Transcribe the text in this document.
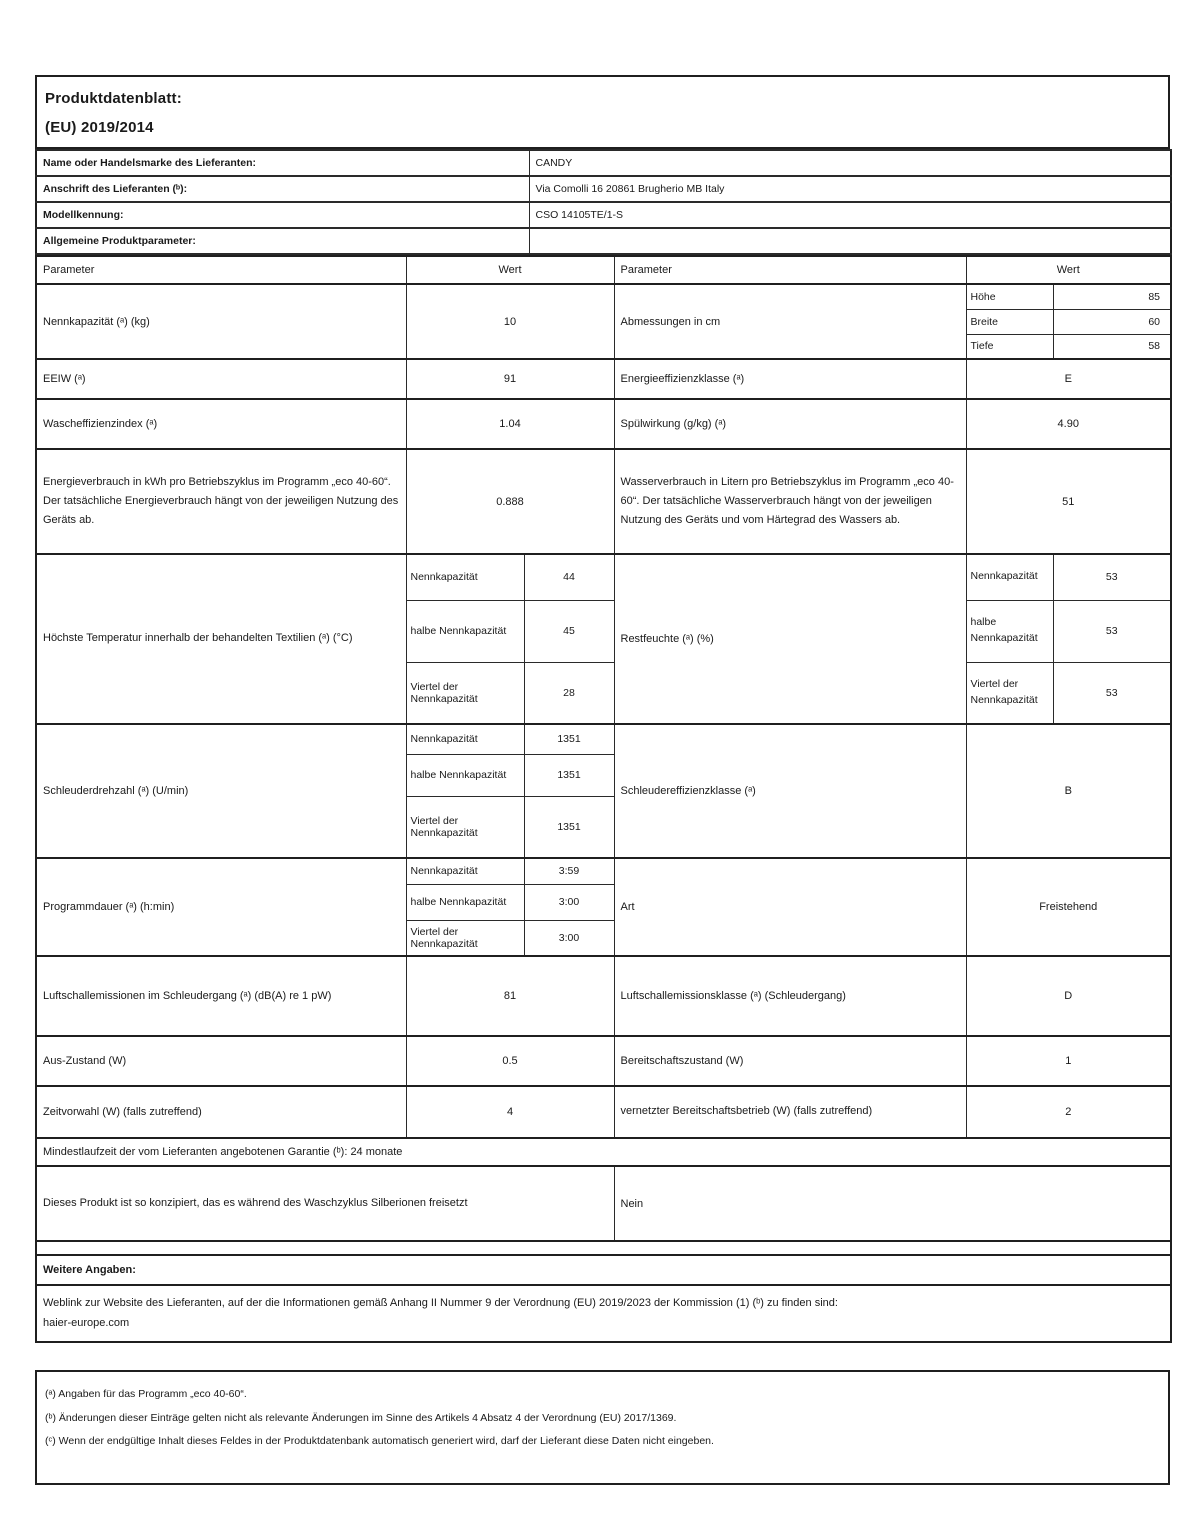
Produktdatenblatt:
(EU) 2019/2014
Name oder Handelsmarke des Lieferanten:	CANDY
Anschrift des Lieferanten (ᵇ):	Via Comolli 16 20861 Brugherio MB Italy
Modellkennung:	CSO 14105TE/1-S
Allgemeine Produktparameter:	
Parameter	Wert		Parameter	Wert	
Nennkapazität (ᵃ) (kg)	10		Abmessungen in cm	Höhe	85
				Breite	60
				Tiefe	58
EEIW (ᵃ)	91		Energieeffizienzklasse (ᵃ)	E	
Wascheffizienzindex (ᵃ)	1.04		Spülwirkung (g/kg) (ᵃ)	4.90	
Energieverbrauch in kWh pro Betriebszyklus im Programm „eco 40-60“. Der tatsächliche Energieverbrauch hängt von der jeweiligen Nutzung des Geräts ab.	0.888		Wasserverbrauch in Litern pro Betriebszyklus im Programm „eco 40-60“. Der tatsächliche Wasserverbrauch hängt von der jeweiligen Nutzung des Geräts und vom Härtegrad des Wassers ab.	51	
Höchste Temperatur innerhalb der behandelten Textilien (ᵃ) (°C)	Nennkapazität	44	Restfeuchte (ᵃ) (%)	Nennkapazität	53
	halbe Nennkapazität	45		halbe Nennkapazität	53
	Viertel der Nennkapazität	28		Viertel der Nennkapazität	53
Schleuderdrehzahl (ᵃ) (U/min)	Nennkapazität	1351	Schleudereffizienzklasse (ᵃ)	B	
	halbe Nennkapazität	1351			
	Viertel der Nennkapazität	1351			
Programmdauer (ᵃ) (h:min)	Nennkapazität	3:59	Art	Freistehend	
	halbe Nennkapazität	3:00			
	Viertel der Nennkapazität	3:00			
Luftschallemissionen im Schleudergang (ᵃ) (dB(A) re 1 pW)	81		Luftschallemissionsklasse (ᵃ) (Schleudergang)	D	
Aus-Zustand (W)	0.5		Bereitschaftszustand (W)	1	
Zeitvorwahl (W) (falls zutreffend)	4		vernetzter Bereitschaftsbetrieb (W) (falls zutreffend)	2	
Mindestlaufzeit der vom Lieferanten angebotenen Garantie (ᵇ): 24 monate					
Dieses Produkt ist so konzipiert, das es während des Waschzyklus Silberionen freisetzt			Nein		

Weitere Angaben:					
Weblink zur Website des Lieferanten, auf der die Informationen gemäß Anhang II Nummer 9 der Verordnung (EU) 2019/2023 der Kommission (1) (ᵇ) zu finden sind:
haier-europe.com					
(ᵃ) Angaben für das Programm „eco 40-60“.
(ᵇ) Änderungen dieser Einträge gelten nicht als relevante Änderungen im Sinne des Artikels 4 Absatz 4 der Verordnung (EU) 2017/1369.
(ᶜ) Wenn der endgültige Inhalt dieses Feldes in der Produktdatenbank automatisch generiert wird, darf der Lieferant diese Daten nicht eingeben.
